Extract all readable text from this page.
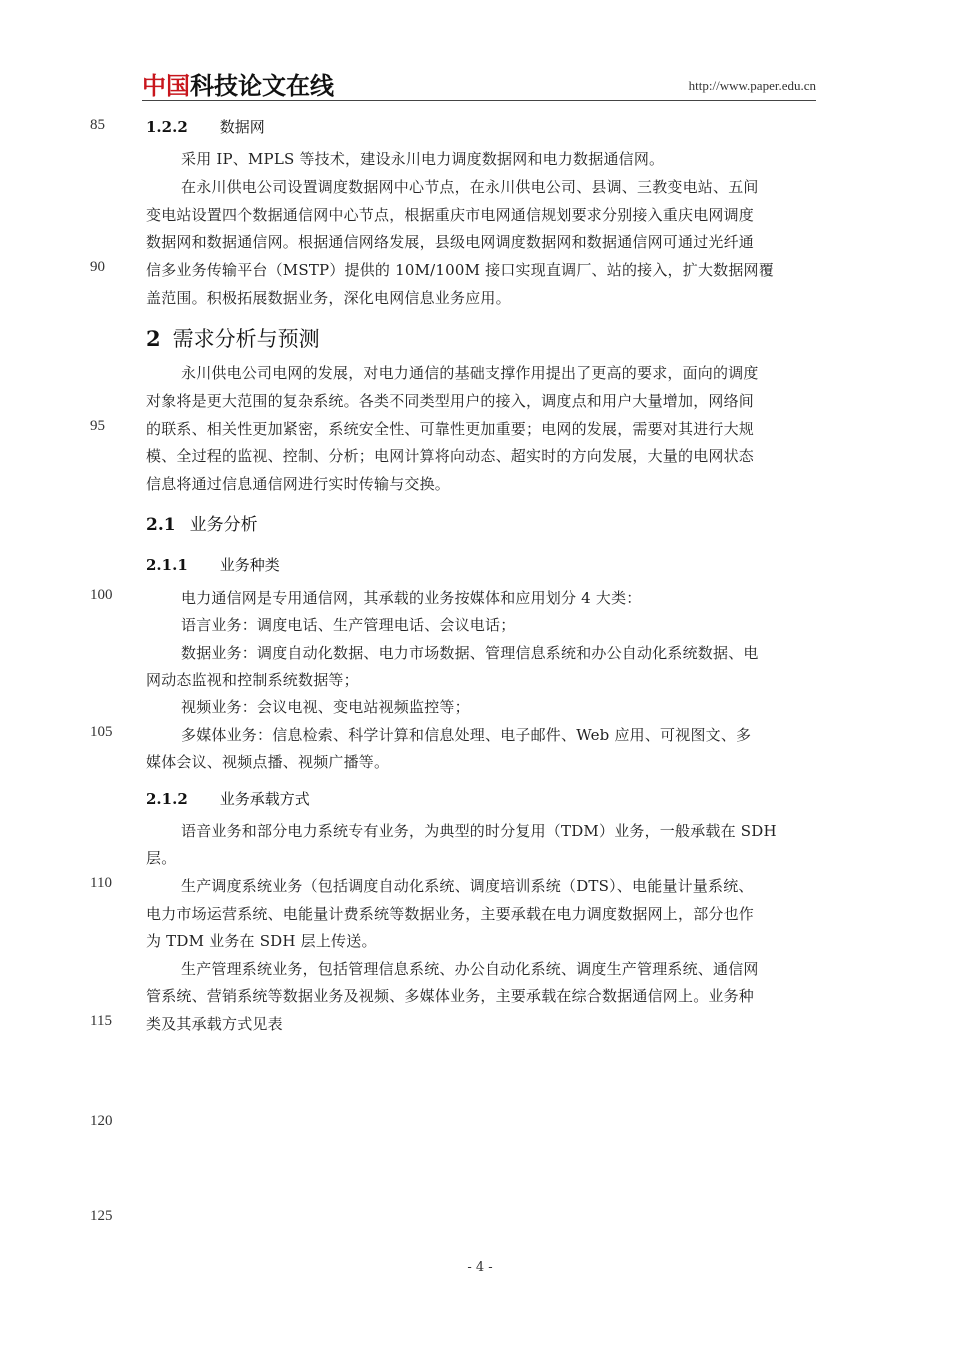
中国科技论文在线	http://www.paper.edu.cn
85
90
95
100
105
110
115
120
125
1.2.2 数据网
采用 IP、MPLS 等技术，建设永川电力调度数据网和电力数据通信网。
在永川供电公司设置调度数据网中心节点，在永川供电公司、县调、三教变电站、五间
变电站设置四个数据通信网中心节点，根据重庆市电网通信规划要求分别接入重庆电网调度
数据网和数据通信网。根据通信网络发展，县级电网调度数据网和数据通信网可通过光纤通
信多业务传输平台（MSTP）提供的 10M/100M 接口实现直调厂、站的接入，扩大数据网覆
盖范围。积极拓展数据业务，深化电网信息业务应用。
2 需求分析与预测
永川供电公司电网的发展，对电力通信的基础支撑作用提出了更高的要求，面向的调度
对象将是更大范围的复杂系统。各类不同类型用户的接入，调度点和用户大量增加，网络间
的联系、相关性更加紧密，系统安全性、可靠性更加重要；电网的发展，需要对其进行大规
模、全过程的监视、控制、分析；电网计算将向动态、超实时的方向发展，大量的电网状态
信息将通过信息通信网进行实时传输与交换。
2.1 业务分析
2.1.1 业务种类
电力通信网是专用通信网，其承载的业务按媒体和应用划分 4 大类：
语言业务：调度电话、生产管理电话、会议电话；
数据业务：调度自动化数据、电力市场数据、管理信息系统和办公自动化系统数据、电
网动态监视和控制系统数据等；
视频业务：会议电视、变电站视频监控等；
多媒体业务：信息检索、科学计算和信息处理、电子邮件、Web 应用、可视图文、多
媒体会议、视频点播、视频广播等。
2.1.2 业务承载方式
语音业务和部分电力系统专有业务，为典型的时分复用（TDM）业务，一般承载在 SDH
层。
生产调度系统业务（包括调度自动化系统、调度培训系统（DTS）、电能量计量系统、
电力市场运营系统、电能量计费系统等数据业务，主要承载在电力调度数据网上，部分也作
为 TDM 业务在 SDH 层上传送。
生产管理系统业务，包括管理信息系统、办公自动化系统、调度生产管理系统、通信网
管系统、营销系统等数据业务及视频、多媒体业务，主要承载在综合数据通信网上。业务种
类及其承载方式见表
- 4 -
